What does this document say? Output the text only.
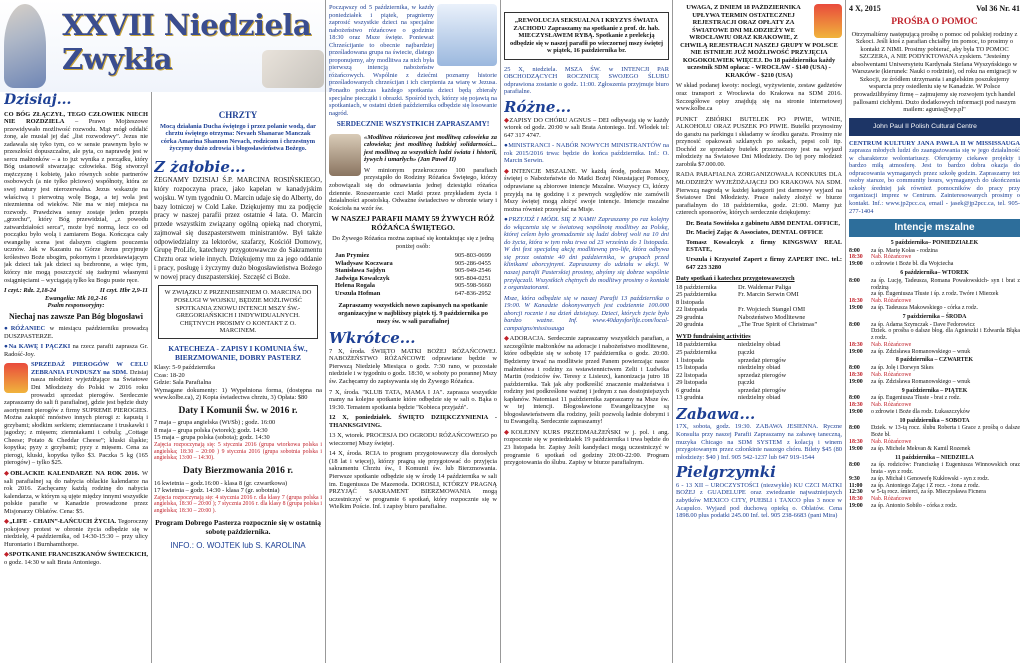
XXVII Niedziela Zwykła
Dzisiaj...

CO BÓG ZŁĄCZYŁ, TEGO CZŁOWIEK NIECH NIE ROZDZIELA – Prawo Mojżeszowe przewidywało możliwość rozwodu. Mąż mógł oddalić żonę, ale musiał jej dać „list rozwodowy”. Jezus nie zadawala się tyko tym, co w sensie prawnym było w przeszłości dopuszczalne, ale pyta, co naprawdę jest w sercu małżonków – a to już wynika z porządku, który Bóg ustanowił stwarzając człowieka. Bóg stworzył mężczyznę i kobietę, jako równych sobie partnerów osobowych (a nie tylko płciowo) współnoty, która ze swej natury jest nierozerwalna. Jezus wskazuje na właściwą i pierwotną wolę Boga, a tej wola jest niezmienna od wieków. Nie ma w niej miejsca na rozwody. Prawdziwa sensy zostaje jeden przepis „grzechu”, który Bóg przewidział, „z powodu zatwardziałości serca”, może być normą, lecz co od początku było wolą i zamiarem Boga. Kończąca cały ewangelię scena jest dalszym ciągiem pouczenia ucznów. Jak w Kazaniu na Górze Jezus przyjmuje królestwo Boże ubogim, pokornym i przedstawiającym jak dzieci tak jak dzieci są bezbronne, a więc tym, którzy nie mogą poszczycić się żadnymi własnymi osiągnięciami – wyciągają tylko ku Bogu puste ręce.

I czyt.: Rdz. 2,18-24	II czyt. Hbr 2,9-11
Ewangelia: Mk 10,2-16
Psalm responsoryjny:
Niechaj nas zawsze Pan Bóg błogosławi

● RÓŻANIEC w miesiącu październiku prowadzą DUSZPASTERZE.

● Na KAWĘ I PĄCZKI na rzecz parafii zaprasza Gr. Radość-Joy.

SPRZEDAŻ PIEROGÓW W CELU ZEBRANIA FUNDUSZY na SDM. Dzisiaj nasza młodzież wyjeżdżające na Światowe Dni Młodzieży do Polski w 2016 roku prowadzi sprzedaż pierogów. Serdecznie zapraszamy do sali fi parafialnej, gdzie jest będzie duży asortyment pierogów z firmy SUPREME PIEROGIES. Można zakupić mnóstwo innych pierogi z: kapustą i grzybami; słodkim serkiem; ziemniaczane i truskawki i jagodzy; z mięsem; ziemniakami i cebulą; „Cottage Cheese; Potato & Cheddar Cheese”; kluski śląskie; kopytka; pyzy z grzybami; pyzy z mięsem. Cena za pierogi, kluski, kopytka tylko $3. Paczka 5 kg (165 pierogów) – tylko $25.

◆ OBLACKIE KALENDARZE NA ROK 2016. W sali parafialnej są do nabycia oblackie kalendarze na rok 2016. Zachęcamy każdą rodzinę do nabycia kalendarza, w którym są ujęte między innymi wszystkie polskie parafie w Kanadzie prowadzone przez Misjonarzy Oblatów. Cena: $5.

◆ „LIFE - CHAIN”-ŁAŃCUCH ŻYCIA. Tegoroczny pokojowy protest w obronie życia odbędzie się w niedzielę, 4 października, od 14:30-15:30 – przy ulicy Hurontario i Burnhamthorpe.

◆ SPOTKANIE FRANCISZKANÓW ŚWIECKICH, o godz. 14:30 w sali Brata Antoniego.

CHRZTY
Mocą działania Ducha świętego i przez polanie wodą, dar chrztu świętego otrzyma: Nevaeh Shanarae Manczak córka Amarina Shannon Nevach, rodzicom i chrzestnym życzymy dużo zdrowia i błogosławieństwa Bożego.
Z żałobie...

ŻEGNAMY DZISIAJ Ś.P. MARCINA ROSIŃSKIEGO, który rozpoczyna prace, jako kapelan w kanadyjskim wojsku. W tym tygodniu O. Marcin udaje się do Alberty, do bazy lotniczej w Cold Lake. Dziękujemy mu za podjęcie pracy w naszej parafii przez ostatnie 4 lata. O. Marcin przede wszystkim związany ogólną opieką nad chorymi, zajmował się duszpasterstwem ministrantów. Był także odpowiedzialny za lektorów, szafarzy, Kościół Domowy, Grupę ProLife, katechezy przygotowawcze do Sakramentu Chrztu oraz wiele innych. Dziękujemy mu za jego oddanie i pracy, posługę i życzymy dużo błogosławieństwa Bożego w nowej pracy duszpasterskiej. Szczęść ci Boże.

W ZWIĄZKU Z PRZENIESIENIEM O. MARCINA DO POSŁUGI W WOJSKU, BĘDZIE MOŻLIWOŚĆ SPOTKANIA ZNOWU INTENCJI MSZY ŚW.- GREGORIAŃSKICH I INDYWIDUALNYCH. CHĘTNYCH PROSIMY O KONTAKT Z O. MARCINEM.
KATECHEZA - ZAPISY I KOMUNIA ŚW., BIERZMOWANIE, DOBRY PASTERZ
Klasy: 5-9 października
Czas: 18-20
Gdzie: Sala Parafialna
Wymagane dokumenty: 1) Wypełniona forma, (dostępna na www.kolbe.ca), 2) Kopia świadectwa chrztu, 3) Opłata: $80
Daty I Komunii Św. w 2016 r.
7 maja – grupa angielska (Wt/Sb) ; godz. 16:00
8 maja – grupa polska (wtorek); godz. 14:30
15 maja – grupa polska (sobota); godz. 14:30
Zajęcia rozpoczynają się: 5 stycznia 2016 (grupa wtorkowa polska i angielska; 18:30 – 20:00 ) 9 stycznia 2016 (grupa sobotnia polska i angielska; 13:00 – 14:30).
Daty Bierzmowania 2016 r.
16 kwietnia – godz.16:00 - klasa 8 (gr. czwartkowa)
17 kwietnia – godz. 14:30 - klasa 7 (gr. sobotnia)
Zajęcia rozpoczynają się: 4 stycznia 2016 r. dla klasy 7 (grupa polska i angielska, 18:30 – 20:00 ); 7 stycznia 2016 r. dla klasy 8 (grupa polska i angielska; 18:30 – 20:00 ).
Program Dobrego Pasterza rozpocznie się w ostatnią sobotę października.
INFO.: O. WOJTEK lub S. KAROLINA

Począwszy od 5 października, w każdy poniedziałek i piątek, pragniemy zaprosić wszystkie dzieci na specjalne nabożeństwo różańcowe o godzinie 18:30 oraz Msze święte. Ponieważ Chrześcijanie to obecnie najbardziej prześladowana grupa na świecie, dlatego proponujemy, aby modlitwa za nich była pierwszą intencją nabożeństw różańcowych. Wspólnie z dziećmi poznamy historie prześladowanych chrześcijan i ich cierpienia za wiarę w Jezusa. Ponadto podczas każdego spotkania dzieci będą zbierały specjalne pieczątki i obrazki. Spośród tych, którzy się pojawią na spotkaniach, w ostatni dzień października odbędzie się losowanie nagród.

SERDECZNIE WSZYSTKICH ZAPRASZAMY!

«Modlitwa różańcowa jest modlitwą człowieka za człowieka; jest modlitwą ludzkiej solidarności... jest modlitwą za wszystkich ludzi świata i historii, żywych i umarłych» (Jan Paweł II)

W minionym przekroczono 100 parafiach przystąpiło do Rodziny Różańca Świętego, którzy zobowiązali się do odmawiania jednej dziesiątki różańca dziennie. Rozszerzanie czci Matki przez przykładem życia i działalności apostolską. Odważne świadectwo w obronie wiary i Kościoła na wzór św.

W NASZEJ PARAFII MAMY 59 ŻYWYCH RÓŻ RÓŻAŃCA ŚWIĘTEGO.
Do Żywego Różańca można zapisać się kontaktując się z jedną poniżej osób:
Jan Prymiez	905-803-0699
Władysaw Koczwara	905-286-0455
Stanisława Sajdyn	905-949-2546
Jadwiga Kowalczyk	905-804-0251
Helena Rogala	905-598-5660
Urszula Hofman	647-836-2952
Zapraszamy wszystkich nowo zapisanych na spotkanie organizacyjne w najbliższy piątek tj. 9 października po mszy św. w sali parafialnej
Wkrótce...

7 X, środa. ŚWIĘTO MATKI BOŻEJ RÓŻAŃCOWEJ. NABOŻEŃSTWO RÓŻAŃCOWE odprawiane będzie w Pierwszą Niedzielę Miesiąca o godz. 7:30 rano, w pozostałe niedziele i w tygodniu o godz. 18:30, w soboty po porannej Mszy św. Zachęcamy do zapisywania się do Żywego Różańca.

7 X, środa. "KLUB TATA, MAMA I JA". zaprasza wszystkie mamy na kolejne spotkanie które odbędzie się w sali o. Bąka o 19:30. Tematem spotkania będzie "Kobieca przyjaźń".

12 X, poniedziałek. ŚWIĘTO DZIĘKCZYNIENIA - THANKSGIVING.

13 X, wtorek. PROCESJA DO OGRODU RÓŻAŃCOWEGO po wieczornej Mszy świętej.

14 X, środa. RCIA to program przygotowawczy dla dorosłych (18 lat i więcej), którzy pragną się przygotować do przyjęcia sakramentu Chrztu św., I Komunii św. lub Bierzmowania. Pierwsze spotkanie odbędzie się w środę 14 października w sali im. Eugeniusza De Mazenoda. DOROSLI, KTÓRZY PRAGNĄ PRZYJĄĆ SAKRAMENT BIERZMOWANIA mogą uczestniczyć w programie 6 spotkań, który rozpocznie się w Wielkim Poście. Inf. i zapisy biuro parafialne.

„REWOLUCJA SEKSUALNA I KRYZYS ŚWIATA ZACHODU Zapraszamy na spotkanie z prof. dr. hab. MIECZYSŁAWEM RYBĄ. Spotkanie z prelekcją odbędzie się w naszej parafii po wieczornej mszy świętej w piątek, 16 października br.

25 X, niedziela. MSZA ŚW. w INTENCJI PAR OBCHODZĄCYCH ROCZNICĘ SWOJEGO ŚLUBU odprawiona zostanie o godz. 11:00. Zgłoszenia przyjmuje biuro parafialne.

Różne...

◆ ZAPISY DO CHÓRU AGNUS – DEI odbywają się w każdy wtorek od godz. 20:00 w sali Brata Antoniego. Inf. Wlodek tel: 647 317 4747.

● MINISTRANCI - NABÓR NOWYCH MINISTRANTÓW na rok 2015/2016 trwa: będzie do końca października. Inf.: O. Marcin Serwin.

◆ INTENCJE MSZALNE. W każdą środę, podczas Mszy świętej o Nabożeństwie do Matki Bożej Nieustającej Pomocy, odprawiane są zbiorowe intencje Mszalne. Wszyscy Ci, którzy przyjdą na tę godzinę i z pewnych względów nie zamówili Mszy świętej mogą złożyć swoje intencje. Intencje mszalne można również przesyłać na Misje.

● PRZYJDŹ I MÓDL SIĘ Z NAMI! Zapraszamy po raz kolejny do włączenia się w światową wspólnotę modlitwy za Polskę, której celem było gromadzenie się ludzi dobrej woli na 10 dni do życia, która w tym roku trwa od 23 września do 1 listopada. W dni fest specjalną akcję modlitewną pro-life, która odbywa się przez ostatnie 40 dni października, w grupach przed klinikami aborcyjnymi. Zapraszamy do udziału w akcji. W naszej parafii Pasterskiej prosimy, abyśmy się dobrze wspólnie przyłączali. Wszystkich chętnych do modlitwy prosimy o kontakt z organizatorami.

Msze, która odbędzie się w naszej Parafii 13 października o 19:00. W Kanadzie dokonywanych jest codziennie 100.000 aborcji rocznie i na dzień dzisiejszy. Dzieci, których życie było bardzo ważne. Inf. www.40daysforlife.com/local-campaigns/mississauga

◆ ADORACJA. Serdecznie zapraszamy wszystkich parafian, a szczególnie małżonków na adoracje i nabożeństwo modlitewne, które odbędzie się w sobotę 17 października o godz. 20:00. Będziemy trwać na modlitwie przed Panem powierzając nasze małżeństwa i rodziny za wstawiennictwem Zelii i Ludwika Martin (rodziców św. Teresy z Lisieux), kanonizacja jutro 18 października. Tak jak aby podkreślić znaczenie małżeństwa i rodziny jest podkreślone ważnej i jednym z nas dostojniejszych kapłanów. Natomiast 11 października zapraszamy na Msze św. w tej intencji. Błogosławione Ewangelizacyjne są błogosławieństwem dla rodziny, jeśli pozwolą ładnie dobrymi i tu Ewangelią. Serdecznie zapraszamy!

◆ KOLEJNY KURS PRZEDMAŁŻEŃSKI w j. pol. i ang. rozpocznie się w poniedziałek 19 października i trwa będzie do 23 listopada br. Zapisy Jeśli kandydaci mogą uczestniczyć w programie 6 spotkań od godziny 20:00-22:00. Program przygotowania do ślubu. Zapisy w biurze parafialnym.

UWAGA, Z DNIEM 18 PAŹDZIERNIKA UPŁYWA TERMIN OSTATECZNEJ REJESTRACJI ORAZ OPŁATY ZA ŚWIATOWE DNI MŁODZIEŻY WE WROCŁAWIU ORAZ KRAKOWIE, Z CHWILĄ REJESTRACJI NASZEJ GRUPY W POLSCE NIE ISTNIEJE JUŻ MOŻLIWOŚĆ PRZYJĘCIA KOGOKOLWIEK WIĘCEJ. Do 18 października każdy uczestnik SDM opłaca: - WROCŁAW - $140 (USA) - KRAKÓW - $210 (USA)

W skład podanej kwoty: noclegi, wyżywienie, zestaw gadżetów oraz transport z Wrocławia do Krakowa na SDM 2016. Szczegółowe opisy znajdują się na stronie internetowej www.kolbe.ca

PUNKT ZBIÓRKI BUTELEK PO PIWIE, WINIE, ALKOHOLU ORAZ PUSZEK PO PIWIE. Butelki przynosimy do garażu na parkingu i składamy w środku garażu. Prosimy nie przynosić opakowań szklanych po sokach, pepsi coli itp. Dochód ze sprzedaży butelek przeznaczony jest na wyjazd młodzieży na Światowe Dni Młodzieży. Do tej pory młodzież zarobiła $7.000.00.

RADA PARAFIALNA ZORGANIZOWAŁA KONKURS DLA MŁODZIEŻY WYJEŻDŻAJĄCEJ DO KRAKOWA NA SDM. Pierwszą nagrodą w każdej kategorii jest darmowy wyjazd na Światowe Dni Młodzieży. Prace należy złożyć w biurze parafialnym do 18 października, godz. 21:00. Mamy już czterech sponsorów, których serdecznie dziękujemy:

Dr. Beata Sowińska z gabinetu ABM DENTAL OFFICE,
Dr. Maciej Zając & Associates, DENTAL OFFICE
Tomasz Kowalczyk z firmy KINGSWAY REAL ESTATE,
Urszula i Krzysztof Zapert z firmy ZAPERT INC. tel.: 647 223 3280
Daty spotkań i katechez przygotowawczych
18 października	Dr. Waldemar Paliga
25 października	Fr. Marcin Serwin OMI
8 listopada
22 listopada	Fr. Wojciech Stangel OMI
29 grudnia	Nabożeństwo Modlitewne
20 grudnia	„The True Spirit of Christmas”
WYD fundraising activities
18 października	niedzielny obiad
25 października	pączki
1 listopada	sprzedaż pierogów
15 listopada	niedzielny obiad
22 listopada	sprzedaż pierogów
29 listopada	pączki
6 grudnia	sprzedaż pierogów
13 grudnia	niedzielny obiad
Zabawa...

17X, sobota, godz. 19:30. ZABAWA JESIENNA. Ryczne Konsulta przy naszej Parafii Zapraszamy na zabawę taneczną, muzyka Chicago na SDM SYSTEM z kolacją i winem przygotowanym przez członkinie naszego chóru. Bilety $45 (80 młodzieży: $40 ) Inf. 905 542-1237 lub 647 919-1544

Pielgrzymki

6 - 13 XII – UROCZYSTOŚCI (niezwykłe) KU CZCI MATKI BOŻEJ z GUADELUPE oraz zwiedzanie najważniejszych zabytków MEXICO CITY, PUEBLI i TAXCO plus 3 noce w Acapulco. Wyjazd pod duchową opieką o. Oblatów. Cena 1898.00 plus podatki 245.00 Inf. tel. 905 238-6683 (pani Mira)

4 X, 2015	Vol 36 Nr. 41
PROŚBA O POMOC

Otrzymaliśmy następującą prośbę o pomoc od polskiej rodziny z Szkoci. Jeśli ktoś z parafian chciałby im pomoc, to prosimy o kontakt Z NIMI. Prosimy pobierać, aby była TO POMOC SZCZERA, A NIE PODYKTOWANA zyskiem. "Jesteśmy absolwentami Uniwersytetu Kardynała Stefana Wyszyńskiego w Warszawie (kierunek: Nauki o rodzinie), od roku na emigracji w Szkocji, ze źródłem utrzymania i angielskim poszukujemy wsparcia przy osiedleniu się w Kanadzie. W Polsce prowadzilibyśmy firmę – zajmujemy się rozwojem tych handel pallosami cichłymi. Dużo dodatkowych informacji pod naszym mailem: agunia@wp.pl"

John Paul II Polish Cultural Centre

CENTRUM KULTURY JANA PAWŁA II W MISSISSAUGA zaprasza młodych ludzi do zaangażowania się w jego działalność w charakterze wolontariuszy. Oferujemy ciekawe projekty i bardzo miłą atmosferę. Jest to bardzo dobra okazja do odpracowania wymaganych przez szkołę godzin. Zapraszamy też osoby starsze, bo community hours, wymaganych do ukończenia szkoły średniej jak również pomocników do pracy przy organizacji imprez w Centrum. Zainteresowanych prosimy o kontakt. Inf.: www.jp2pcc.ca, email - jasek@jp2pcc.ca, tel. 905-277-1404

Intencje mszalne
5 października– PONIEDZIAŁEK
8:00	za śp. Marię Kołas - rodzina
18:30	Nab. Różańcowe
19:00	o zdrowie i Boże bł. dla Wojciecha
6 października– WTOREK
8:00	za śp. Lucję, Tadeusza, Romana Powałowskich- syn i brat z rodziną
za śp. Eugeniusza Tłuste i śp. z rodz. Twóre i Mierzek
18:30	Nab. Różańcowe
19:00	za śp. Tadeusza Makowskiego - córka z rodz.
7 października – ŚRODA
8:00	za śp. Adama Szymczak - Dave Fedorowicz
Dziek. o prośba o dalsze błog. dla Agnieszki i Edwarda Błąka z rodz.
18:30	Nab. Różańcowe
19:00	za śp. Zdzisława Romanowskiego – wnuk
8 października – CZWARTEK
8:00	za śp. Jolę i Dorwyn Sikes
18:30	Nab. Różańcowe
19:00	za śp. Zdzisława Romanowskiego – wnuk
9 października – PIĄTEK
8:00	za śp. Eugeniusza Tłuste - brat z rodz.
18:30	Nab. Różańcowe
19:00	o zdrowie i Boże dla rodz. Łukaszczyków
10 października – SOBOTA
8:00	Dziek. w 13-tą rocz. ślubu Roberta i Grace z prośbą o dalsze Boże bł.
18:30	Nab. Różańcowe
19:00	za śp. Michele Mekvan & Kamil Rozenek
11 października – NIEDZIELA
8:00	za śp. rodziców: Franciszkę i Eugeniusza Winnowskich oraz brata - syn z rodz.
9:30	za śp. Michał i Genowefę Kukłowski - syn z rodz.
11:00	za śp. Antoniego Zając i Z rocz. - żona z rodz.
12:30	w 5-tą rocz. śmierci, za śp. Mieczysława Ficnera
18:30	Nab. Różańcowe
19:00	za śp. Antonio Sobiło - córka z rodz.
